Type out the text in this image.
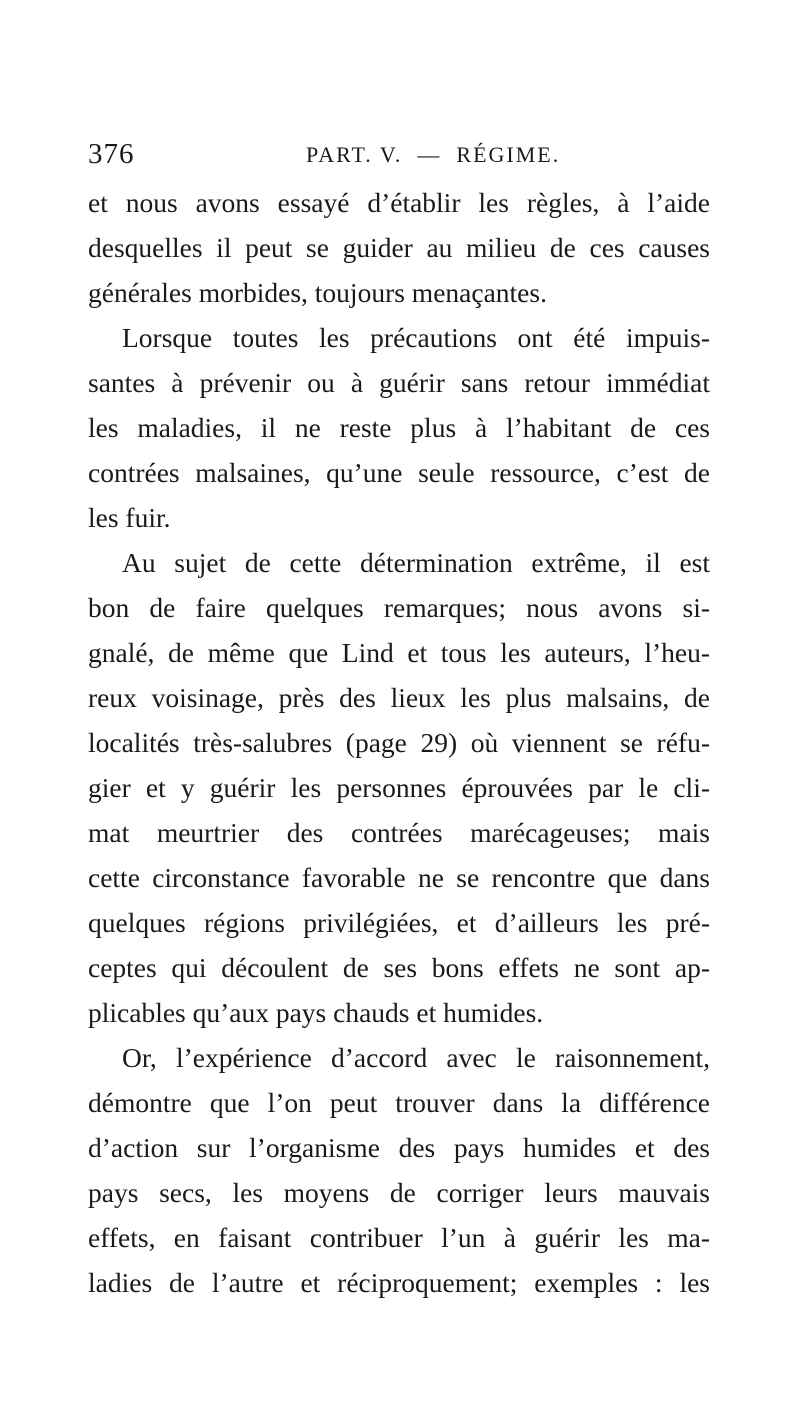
376	PART. V.  —  RÉGIME.
et nous avons essayé d’établir les règles, à l’aide
desquelles il peut se guider au milieu de ces causes
générales morbides, toujours menaçantes.
Lorsque toutes les précautions ont été impuis-
santes à prévenir ou à guérir sans retour immédiat
les maladies, il ne reste plus à l’habitant de ces
contrées malsaines, qu’une seule ressource, c’est de
les fuir.
Au sujet de cette détermination extrême, il est
bon de faire quelques remarques; nous avons si-
gnalé, de même que Lind et tous les auteurs, l’heu-
reux voisinage, près des lieux les plus malsains, de
localités très-salubres (page 29) où viennent se réfu-
gier et y guérir les personnes éprouvées par le cli-
mat meurtrier des contrées marécageuses; mais
cette circonstance favorable ne se rencontre que dans
quelques régions privilégiées, et d’ailleurs les pré-
ceptes qui découlent de ses bons effets ne sont ap-
plicables qu’aux pays chauds et humides.
Or, l’expérience d’accord avec le raisonnement,
démontre que l’on peut trouver dans la différence
d’action sur l’organisme des pays humides et des
pays secs, les moyens de corriger leurs mauvais
effets, en faisant contribuer l’un à guérir les ma-
ladies de l’autre et réciproquement; exemples : les
